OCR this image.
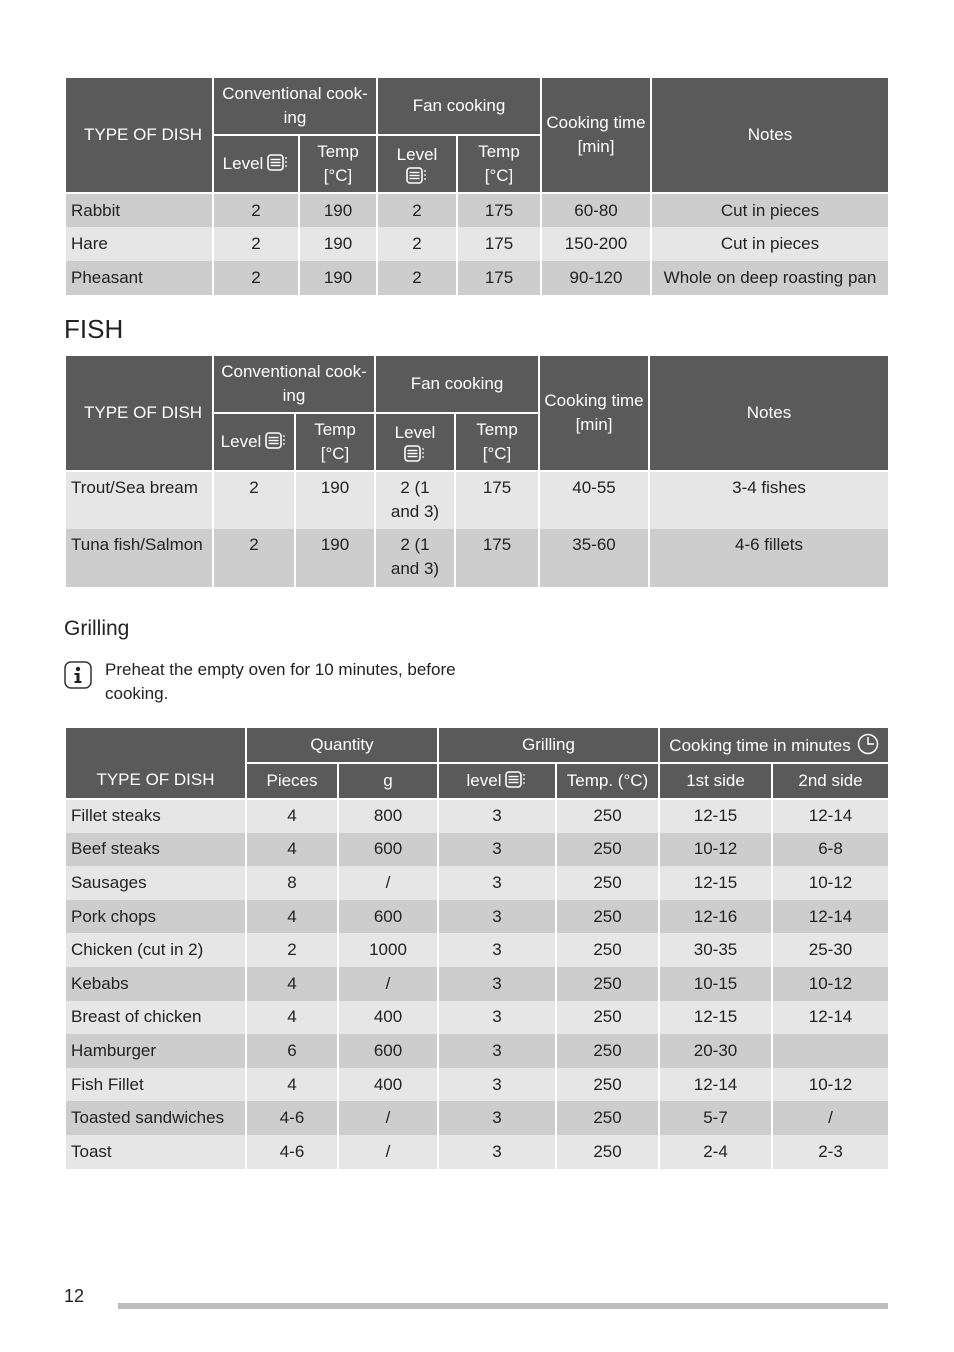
TYPE OF DISH	Conventional cook-ing		Fan cooking		Cooking time [min]	Notes
	Level	Temp [°C]	Level	Temp [°C]		
Rabbit	2	190	2	175	60-80	Cut in pieces
Hare	2	190	2	175	150-200	Cut in pieces
Pheasant	2	190	2	175	90-120	Whole on deep roasting pan
FISH
TYPE OF DISH	Conventional cook-ing		Fan cooking		Cooking time [min]	Notes
	Level	Temp [°C]	Level	Temp [°C]		
Trout/Sea bream	2	190	2 (1 and 3)	175	40-55	3-4 fishes
Tuna fish/Salmon	2	190	2 (1 and 3)	175	35-60	4-6 fillets
Grilling
Preheat the empty oven for 10 minutes, before cooking.
TYPE OF DISH	Quantity		Grilling		Cooking time in minutes	
	Pieces	g	level	Temp. (°C)	1st side	2nd side
Fillet steaks	4	800	3	250	12-15	12-14
Beef steaks	4	600	3	250	10-12	6-8
Sausages	8	/	3	250	12-15	10-12
Pork chops	4	600	3	250	12-16	12-14
Chicken (cut in 2)	2	1000	3	250	30-35	25-30
Kebabs	4	/	3	250	10-15	10-12
Breast of chicken	4	400	3	250	12-15	12-14
Hamburger	6	600	3	250	20-30	
Fish Fillet	4	400	3	250	12-14	10-12
Toasted sandwiches	4-6	/	3	250	5-7	/
Toast	4-6	/	3	250	2-4	2-3
12
